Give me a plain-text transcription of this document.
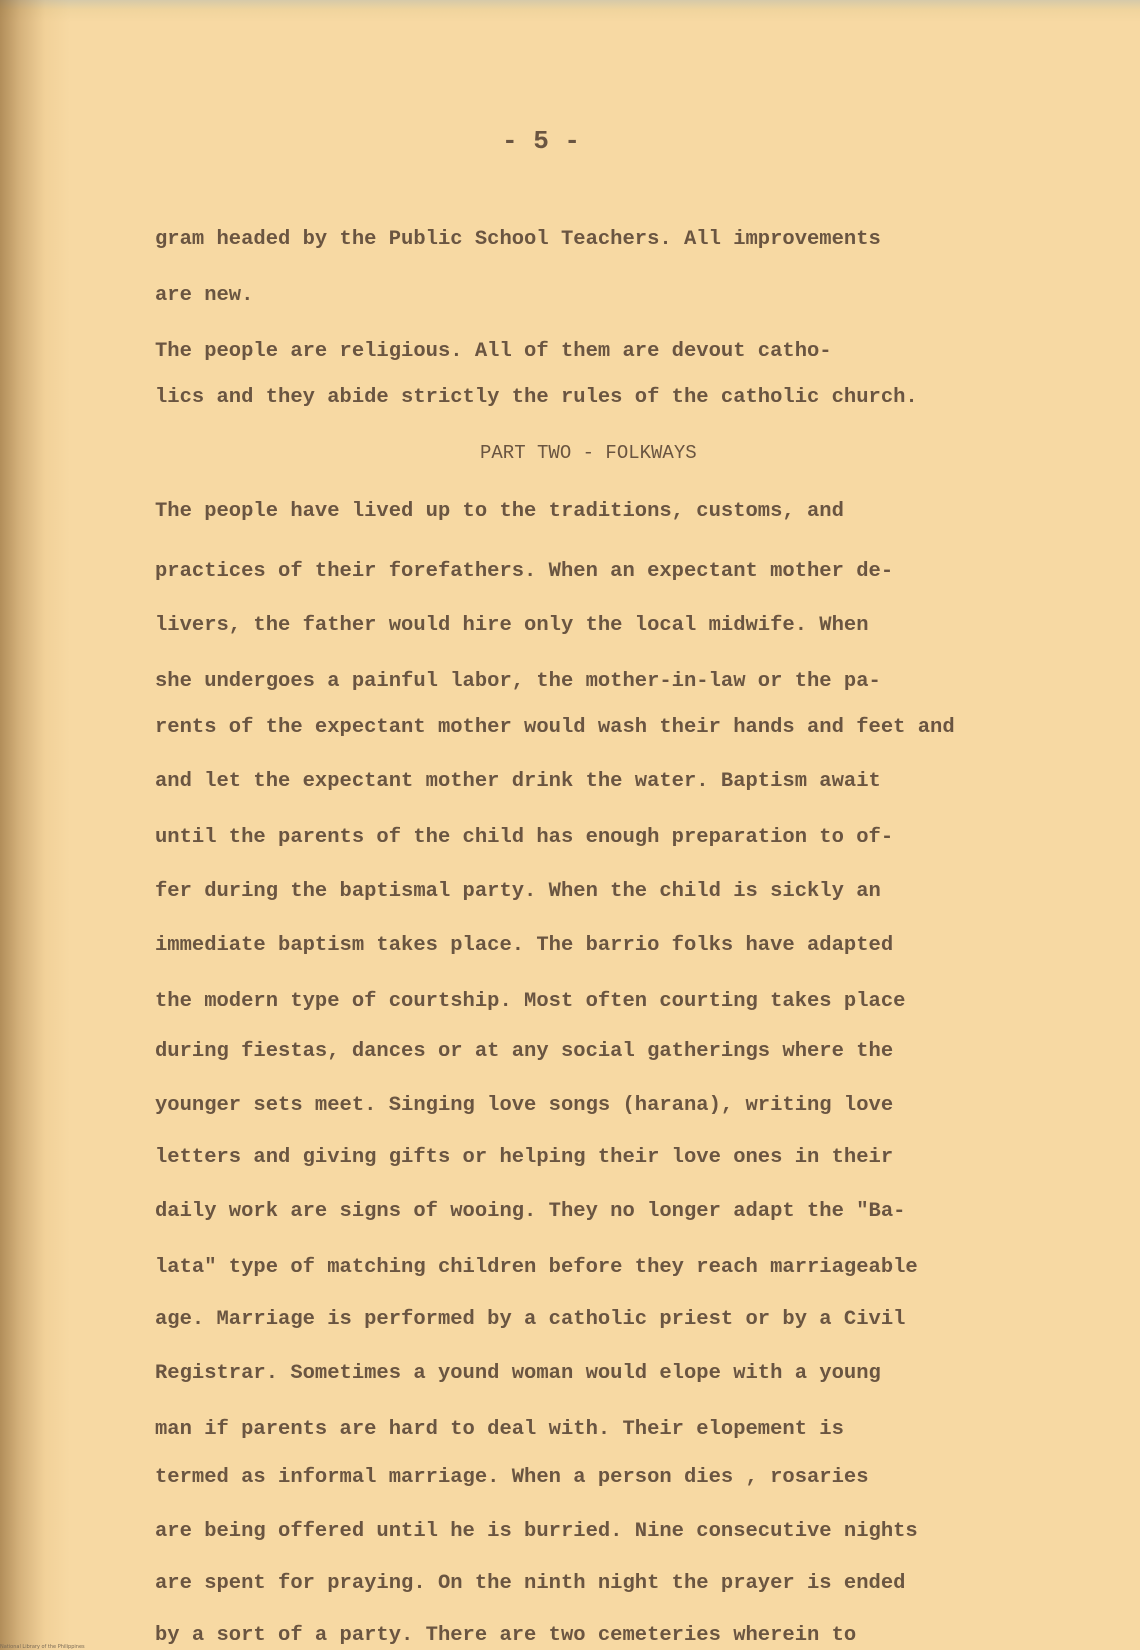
- 5 -
gram headed by the Public School Teachers. All improvements
are new.
The people are religious. All of them are devout catho-
lics and they abide strictly the rules of the catholic church.
PART TWO - FOLKWAYS
The people have lived up to the traditions, customs, and
practices of their forefathers. When an expectant mother de-
livers, the father would hire only the local midwife. When
she undergoes a painful labor, the mother-in-law or the pa-
rents of the expectant mother would wash their hands and feet and
and let the expectant mother drink the water. Baptism await
until the parents of the child has enough preparation to of-
fer during the baptismal party. When the child is sickly an
immediate baptism takes place. The barrio folks have adapted
the modern type of courtship. Most often courting takes place
during fiestas, dances or at any social gatherings where the
younger sets meet. Singing love songs (harana), writing love
letters and giving gifts or helping their love ones in their
daily work are signs of wooing. They no longer adapt the "Ba-
lata" type of matching children before they reach marriageable
age. Marriage is performed by a catholic priest or by a Civil
Registrar. Sometimes a yound woman would elope with a young
man if parents are hard to deal with. Their elopement is
termed as informal marriage. When a person dies , rosaries
are being offered until he is burried. Nine consecutive nights
are spent for praying. On the ninth night the prayer is ended
by a sort of a party. There are two cemeteries wherein to
National Library of the Philippines
